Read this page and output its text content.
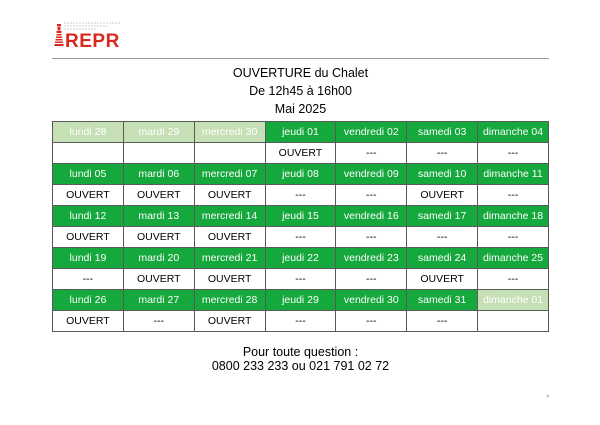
REPR
OUVERTURE du Chalet
De 12h45 à 16h00
Mai 2025
lundi 28	mardi 29	mercredi 30	jeudi 01	vendredi 02	samedi 03	dimanche 04
			OUVERT	---	---	---
lundi 05	mardi 06	mercredi 07	jeudi 08	vendredi 09	samedi 10	dimanche 11
OUVERT	OUVERT	OUVERT	---	---	OUVERT	---
lundi 12	mardi 13	mercredi 14	jeudi 15	vendredi 16	samedi 17	dimanche 18
OUVERT	OUVERT	OUVERT	---	---	---	---
lundi 19	mardi 20	mercredi 21	jeudi 22	vendredi 23	samedi 24	dimanche 25
---	OUVERT	OUVERT	---	---	OUVERT	---
lundi 26	mardi 27	mercredi 28	jeudi 29	vendredi 30	samedi 31	dimanche 01
OUVERT	---	OUVERT	---	---	---	
Pour toute question :
0800 233 233 ou 021 791 02 72
>
